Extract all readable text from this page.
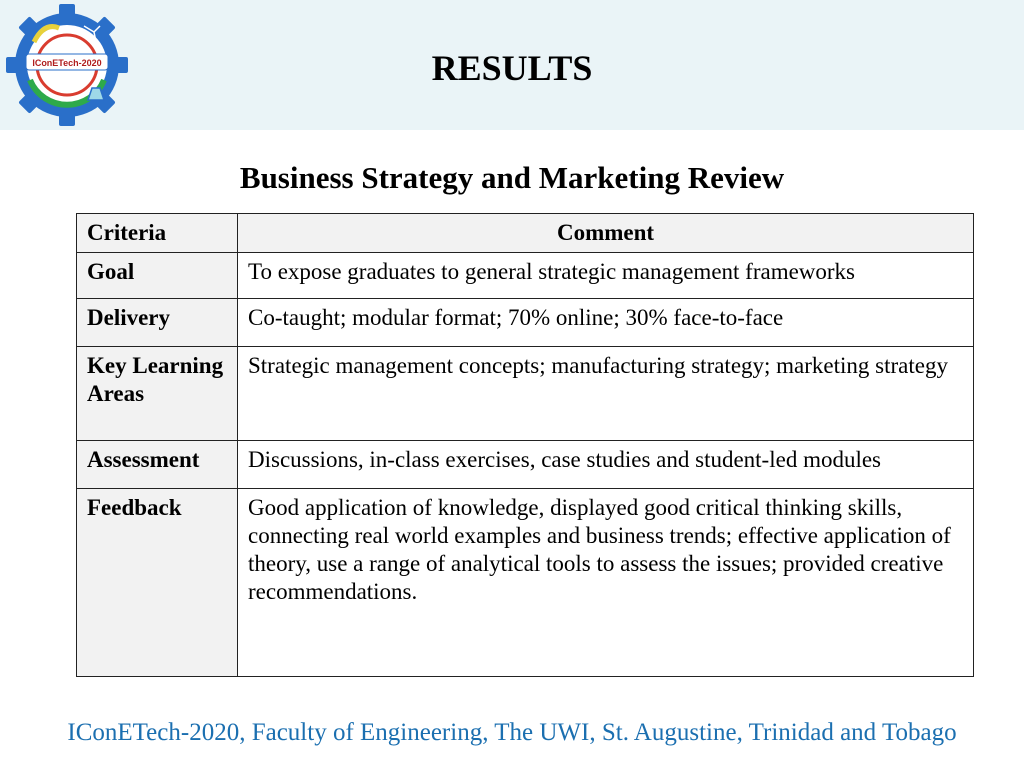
IConETech-2020	RESULTS
Business Strategy and Marketing Review
Criteria	Comment
Goal	To expose graduates to general strategic management frameworks
Delivery	Co-taught; modular format; 70% online; 30% face-to-face
Key Learning Areas	Strategic management concepts; manufacturing strategy; marketing strategy
Assessment	Discussions, in-class exercises, case studies and student-led modules
Feedback	Good application of knowledge, displayed good critical thinking skills, connecting real world examples and business trends; effective application of theory, use a range of analytical tools to assess the issues; provided creative recommendations.
IConETech-2020, Faculty of Engineering, The UWI, St. Augustine, Trinidad and Tobago
